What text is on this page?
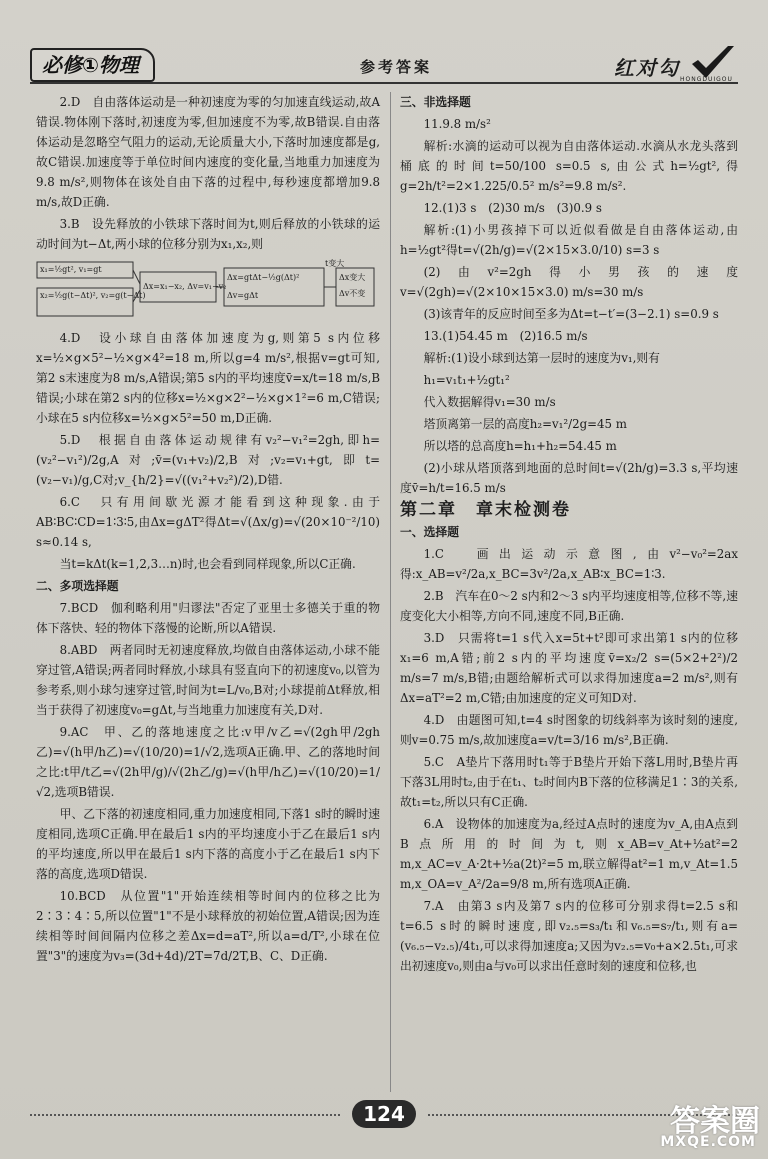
必修①物理	参考答案	红对勾 HONGDUIGOU

2.D　自由落体运动是一种初速度为零的匀加速直线运动,故A错误.物体刚下落时,初速度为零,但加速度不为零,故B错误.自由落体运动是忽略空气阻力的运动,无论质量大小,下落时加速度都是g,故C错误.加速度等于单位时间内速度的变化量,当地重力加速度为9.8 m/s²,则物体在该处自由下落的过程中,每秒速度都增加9.8 m/s,故D正确.

3.B　设先释放的小铁球下落时间为t,则后释放的小铁球的运动时间为t−Δt,两小球的位移分别为x₁,x₂,则

x₁=½gt², v₁=gt
x₂=½g(t−Δt)², v₂=g(t−Δt)
Δx=x₁−x₂, Δv=v₁−v₂
Δx=gtΔt−½g(Δt)²
Δv=gΔt
t变大
Δx变大
Δv不变

4.D　设小球自由落体加速度为g,则第5 s内位移x=½×g×5²−½×g×4²=18 m,所以g=4 m/s²,根据v=gt可知,第2 s末速度为8 m/s,A错误;第5 s内的平均速度v̄=x/t=18 m/s,B错误;小球在第2 s内的位移x=½×g×2²−½×g×1²=6 m,C错误;小球在5 s内位移x=½×g×5²=50 m,D正确.

5.D　根据自由落体运动规律有v₂²−v₁²=2gh,即h=(v₂²−v₁²)/2g,A对;v̄=(v₁+v₂)/2,B对;v₂=v₁+gt,即t=(v₂−v₁)/g,C对;v_{h/2}=√((v₁²+v₂²)/2),D错.

6.C　只有用间歇光源才能看到这种现象.由于AB∶BC∶CD=1∶3∶5,由Δx=gΔT²得Δt=√(Δx/g)=√(20×10⁻²/10) s≈0.14 s,

当t=kΔt(k=1,2,3…n)时,也会看到同样现象,所以C正确.

二、多项选择题

7.BCD　伽利略利用"归谬法"否定了亚里士多德关于重的物体下落快、轻的物体下落慢的论断,所以A错误.

8.ABD　两者同时无初速度释放,均做自由落体运动,小球不能穿过管,A错误;两者同时释放,小球具有竖直向下的初速度v₀,以管为参考系,则小球匀速穿过管,时间为t=L/v₀,B对;小球提前Δt释放,相当于获得了初速度v₀=gΔt,与当地重力加速度有关,D对.

9.AC　甲、乙的落地速度之比:v甲/v乙=√(2gh甲/2gh乙)=√(h甲/h乙)=√(10/20)=1/√2,选项A正确.甲、乙的落地时间之比:t甲/t乙=√(2h甲/g)/√(2h乙/g)=√(h甲/h乙)=√(10/20)=1/√2,选项B错误.

甲、乙下落的初速度相同,重力加速度相同,下落1 s时的瞬时速度相同,选项C正确.甲在最后1 s内的平均速度小于乙在最后1 s内的平均速度,所以甲在最后1 s内下落的高度小于乙在最后1 s内下落的高度,选项D错误.

10.BCD　从位置"1"开始连续相等时间内的位移之比为2∶3∶4∶5,所以位置"1"不是小球释放的初始位置,A错误;因为连续相等时间间隔内位移之差Δx=d=aT²,所以a=d/T²,小球在位置"3"的速度为v₃=(3d+4d)/2T=7d/2T,B、C、D正确.

三、非选择题

11.9.8 m/s²

解析:水滴的运动可以视为自由落体运动.水滴从水龙头落到桶底的时间t=50/100 s=0.5 s,由公式h=½gt²,得g=2h/t²=2×1.225/0.5² m/s²=9.8 m/s².

12.(1)3 s　(2)30 m/s　(3)0.9 s

解析:(1)小男孩掉下可以近似看做是自由落体运动,由h=½gt²得t=√(2h/g)=√(2×15×3.0/10) s=3 s

(2)由v²=2gh得小男孩的速度v=√(2gh)=√(2×10×15×3.0) m/s=30 m/s

(3)该青年的反应时间至多为Δt=t−t′=(3−2.1) s=0.9 s

13.(1)54.45 m　(2)16.5 m/s

解析:(1)设小球到达第一层时的速度为v₁,则有

h₁=v₁t₁+½gt₁²

代入数据解得v₁=30 m/s

塔顶离第一层的高度h₂=v₁²/2g=45 m

所以塔的总高度h=h₁+h₂=54.45 m

(2)小球从塔顶落到地面的总时间t=√(2h/g)=3.3 s,平均速度v̄=h/t=16.5 m/s

第二章　章末检测卷

一、选择题

1.C　画出运动示意图,由v²−v₀²=2ax得:x_AB=v²/2a,x_BC=3v²/2a,x_AB∶x_BC=1∶3.

2.B　汽车在0～2 s内和2～3 s内平均速度相等,位移不等,速度变化大小相等,方向不同,速度不同,B正确.

3.D　只需将t=1 s代入x=5t+t²即可求出第1 s内的位移x₁=6 m,A错;前2 s内的平均速度v̄=x₂/2 s=(5×2+2²)/2 m/s=7 m/s,B错;由题给解析式可以求得加速度a=2 m/s²,则有Δx=aT²=2 m,C错;由加速度的定义可知D对.

4.D　由题图可知,t=4 s时图象的切线斜率为该时刻的速度,则v=0.75 m/s,故加速度a=v/t=3/16 m/s²,B正确.

5.C　A垫片下落用时t₁等于B垫片开始下落L用时,B垫片再下落3L用时t₂,由于在t₁、t₂时间内B下落的位移满足1∶3的关系,故t₁=t₂,所以只有C正确.

6.A　设物体的加速度为a,经过A点时的速度为v_A,由A点到B点所用的时间为t,则x_AB=v_At+½at²=2 m,x_AC=v_A·2t+½a(2t)²=5 m,联立解得at²=1 m,v_At=1.5 m,x_OA=v_A²/2a=9/8 m,所有选项A正确.

7.A　由第3 s内及第7 s内的位移可分别求得t=2.5 s和t=6.5 s时的瞬时速度,即v₂.₅=s₃/t₁和v₆.₅=s₇/t₁,则有a=(v₆.₅−v₂.₅)/4t₁,可以求得加速度a;又因为v₂.₅=v₀+a×2.5t₁,可求出初速度v₀,则由a与v₀可以求出任意时刻的速度和位移,也

124	答案圈
MXQE.COM
